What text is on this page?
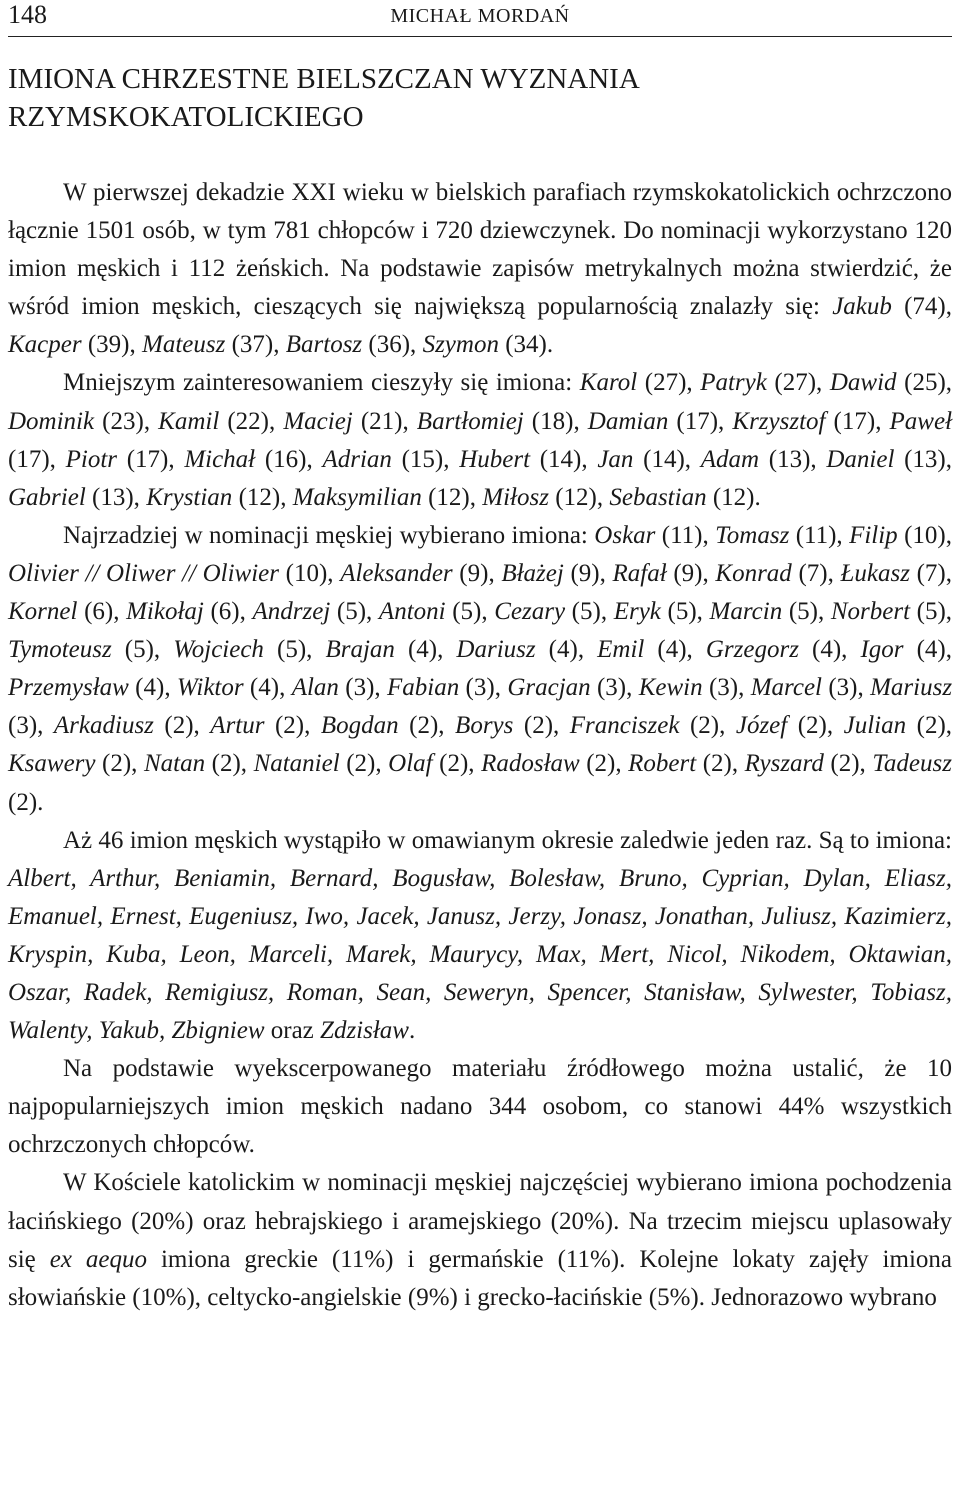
148	MICHAŁ MORDAŃ
IMIONA CHRZESTNE BIELSZCZAN WYZNANIA RZYMSKOKATOLICKIEGO

W pierwszej dekadzie XXI wieku w bielskich parafiach rzymskokatolickich ochrzczono łącznie 1501 osób, w tym 781 chłopców i 720 dziewczynek. Do nominacji wykorzystano 120 imion męskich i 112 żeńskich. Na podstawie zapisów metrykalnych można stwierdzić, że wśród imion męskich, cieszących się największą popularnością znalazły się: Jakub (74), Kacper (39), Mateusz (37), Bartosz (36), Szymon (34).

Mniejszym zainteresowaniem cieszyły się imiona: Karol (27), Patryk (27), Dawid (25), Dominik (23), Kamil (22), Maciej (21), Bartłomiej (18), Damian (17), Krzysztof (17), Paweł (17), Piotr (17), Michał (16), Adrian (15), Hubert (14), Jan (14), Adam (13), Daniel (13), Gabriel (13), Krystian (12), Maksymilian (12), Miłosz (12), Sebastian (12).

Najrzadziej w nominacji męskiej wybierano imiona: Oskar (11), Tomasz (11), Filip (10), Olivier // Oliwer // Oliwier (10), Aleksander (9), Błażej (9), Rafał (9), Konrad (7), Łukasz (7), Kornel (6), Mikołaj (6), Andrzej (5), Antoni (5), Cezary (5), Eryk (5), Marcin (5), Norbert (5), Tymoteusz (5), Wojciech (5), Brajan (4), Dariusz (4), Emil (4), Grzegorz (4), Igor (4), Przemysław (4), Wiktor (4), Alan (3), Fabian (3), Gracjan (3), Kewin (3), Marcel (3), Mariusz (3), Arkadiusz (2), Artur (2), Bogdan (2), Borys (2), Franciszek (2), Józef (2), Julian (2), Ksawery (2), Natan (2), Nataniel (2), Olaf (2), Radosław (2), Robert (2), Ryszard (2), Tadeusz (2).

Aż 46 imion męskich wystąpiło w omawianym okresie zaledwie jeden raz. Są to imiona: Albert, Arthur, Beniamin, Bernard, Bogusław, Bolesław, Bruno, Cyprian, Dylan, Eliasz, Emanuel, Ernest, Eugeniusz, Iwo, Jacek, Janusz, Jerzy, Jonasz, Jonathan, Juliusz, Kazimierz, Kryspin, Kuba, Leon, Marceli, Marek, Maurycy, Max, Mert, Nicol, Nikodem, Oktawian, Oszar, Radek, Remigiusz, Roman, Sean, Seweryn, Spencer, Stanisław, Sylwester, Tobiasz, Walenty, Yakub, Zbigniew oraz Zdzisław.

Na podstawie wyekscerpowanego materiału źródłowego można ustalić, że 10 najpopularniejszych imion męskich nadano 344 osobom, co stanowi 44% wszystkich ochrzczonych chłopców.

W Kościele katolickim w nominacji męskiej najczęściej wybierano imiona pochodzenia łacińskiego (20%) oraz hebrajskiego i aramejskiego (20%). Na trzecim miejscu uplasowały się ex aequo imiona greckie (11%) i germańskie (11%). Kolejne lokaty zajęły imiona słowiańskie (10%), celtycko-angielskie (9%) i grecko-łacińskie (5%). Jednorazowo wybrano
